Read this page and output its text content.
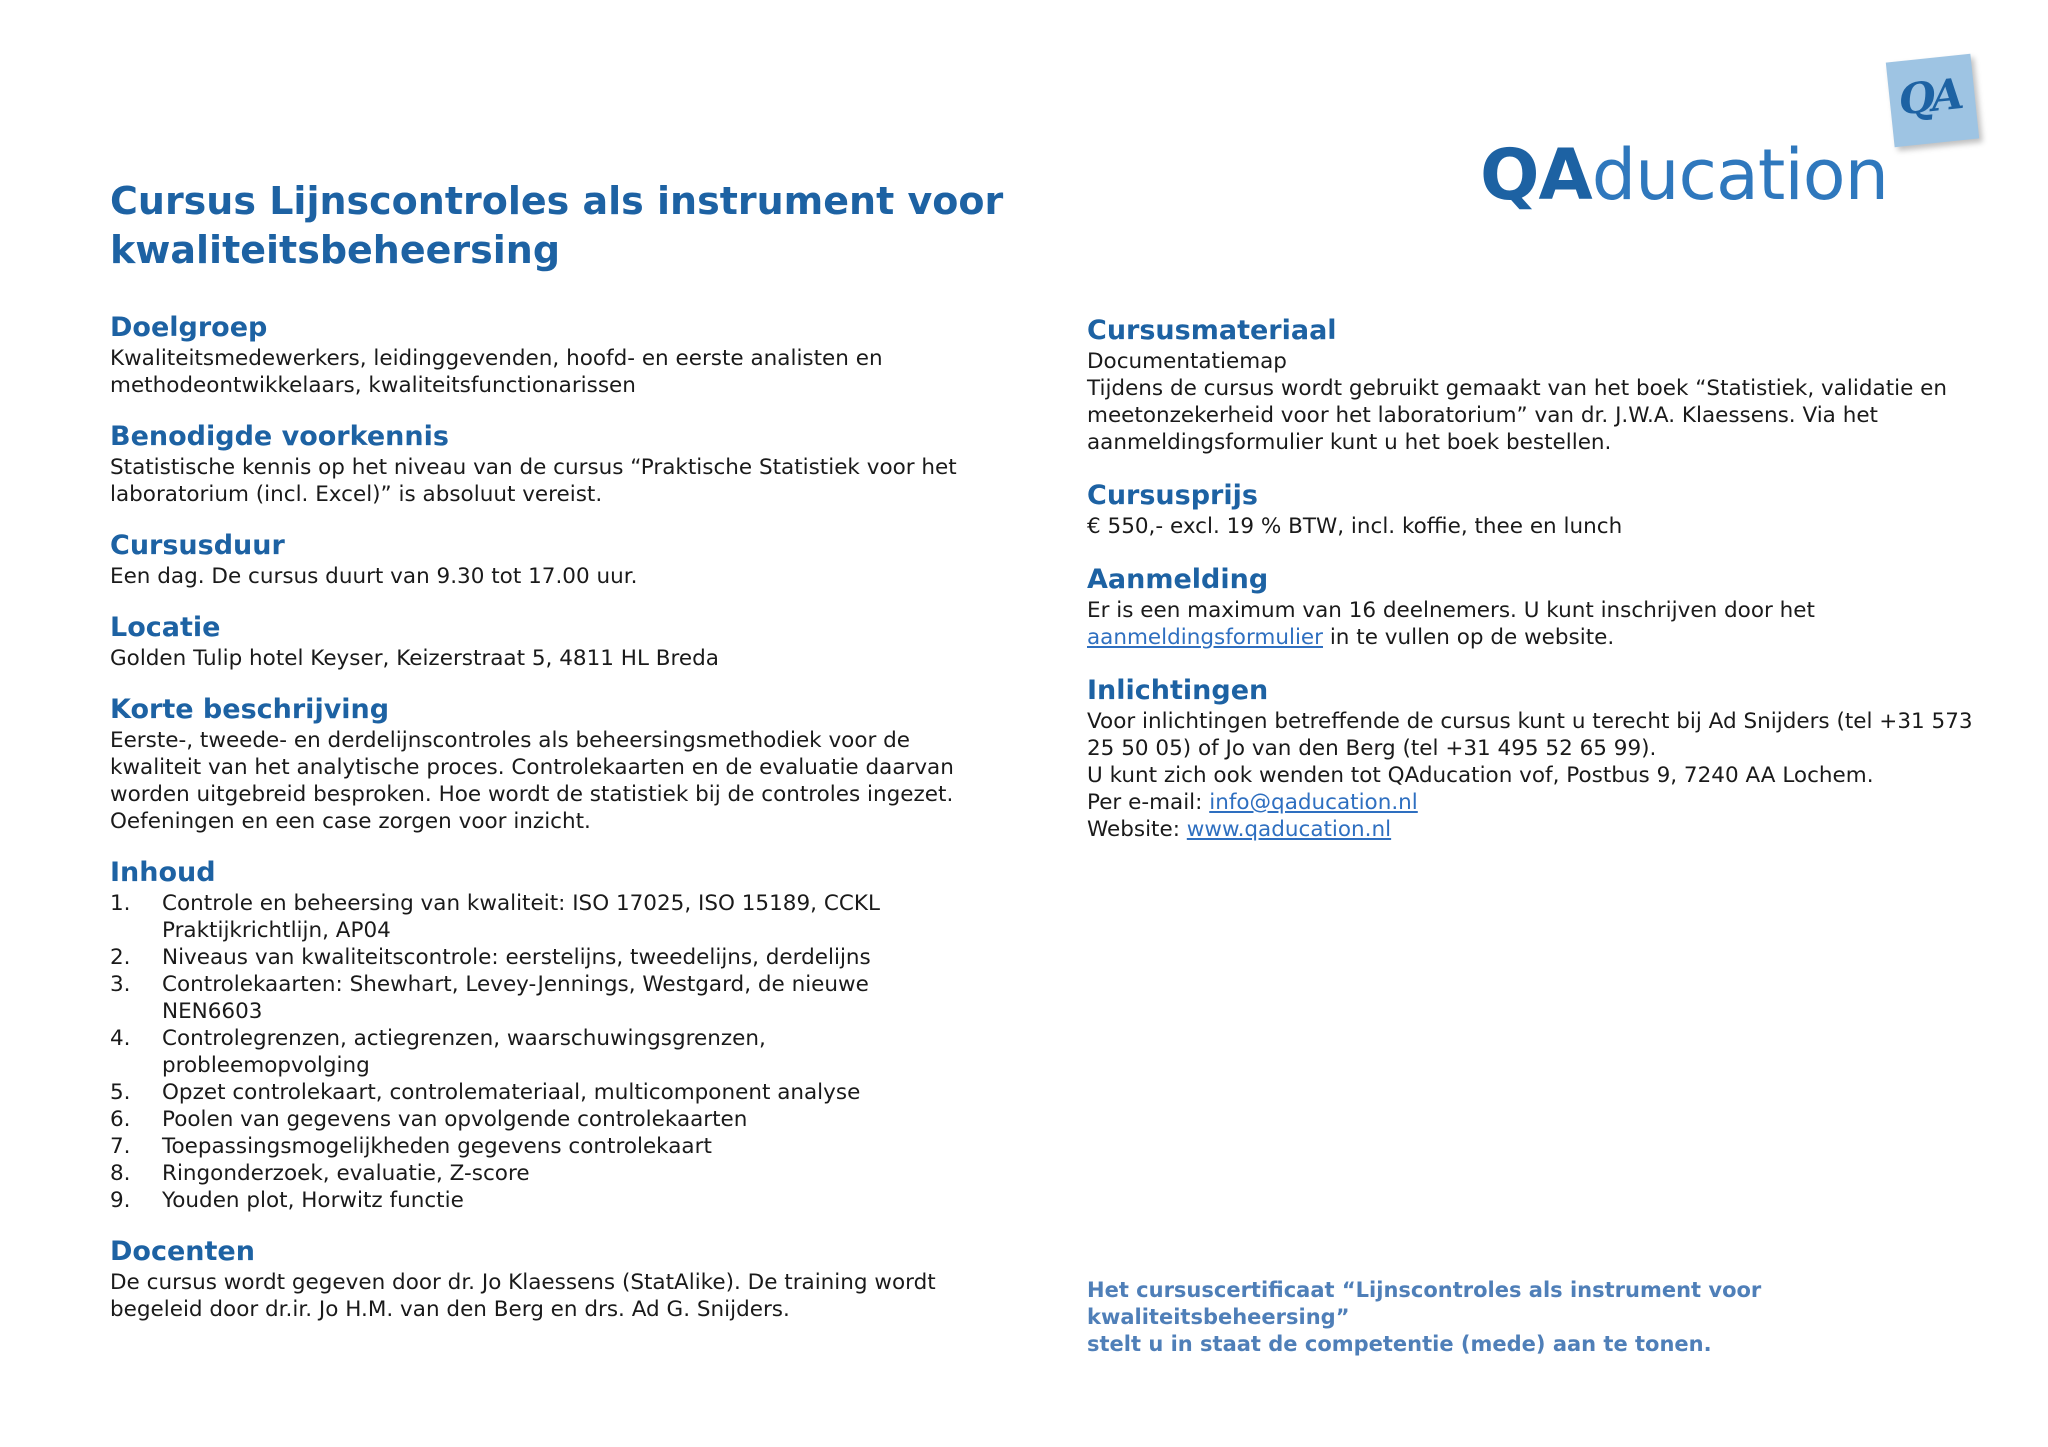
Cursus Lijnscontroles als instrument voor
kwaliteitsbeheersing
QA
QAducation
Doelgroep

Kwaliteitsmedewerkers, leidinggevenden, hoofd- en eerste analisten en
methodeontwikkelaars, kwaliteitsfunctionarissen

Benodigde voorkennis

Statistische kennis op het niveau van de cursus “Praktische Statistiek voor het
laboratorium (incl. Excel)” is absoluut vereist.

Cursusduur

Een dag. De cursus duurt van 9.30 tot 17.00 uur.

Locatie

Golden Tulip hotel Keyser, Keizerstraat 5, 4811 HL Breda

Korte beschrijving

Eerste-, tweede- en derdelijnscontroles als beheersingsmethodiek voor de
kwaliteit van het analytische proces. Controlekaarten en de evaluatie daarvan
worden uitgebreid besproken. Hoe wordt de statistiek bij de controles ingezet.
Oefeningen en een case zorgen voor inzicht.

Inhoud
1. Controle en beheersing van kwaliteit: ISO 17025, ISO 15189, CCKL
Praktijkrichtlijn, AP04
2. Niveaus van kwaliteitscontrole: eerstelijns, tweedelijns, derdelijns
3. Controlekaarten: Shewhart, Levey-Jennings, Westgard, de nieuwe
NEN6603
4. Controlegrenzen, actiegrenzen, waarschuwingsgrenzen,
probleemopvolging
5. Opzet controlekaart, controlemateriaal, multicomponent analyse
6. Poolen van gegevens van opvolgende controlekaarten
7. Toepassingsmogelijkheden gegevens controlekaart
8. Ringonderzoek, evaluatie, Z-score
9. Youden plot, Horwitz functie
Docenten

De cursus wordt gegeven door dr. Jo Klaessens (StatAlike). De training wordt
begeleid door dr.ir. Jo H.M. van den Berg en drs. Ad G. Snijders.

Cursusmateriaal

Documentatiemap
Tijdens de cursus wordt gebruikt gemaakt van het boek “Statistiek, validatie en
meetonzekerheid voor het laboratorium” van dr. J.W.A. Klaessens. Via het
aanmeldingsformulier kunt u het boek bestellen.

Cursusprijs

€ 550,- excl. 19 % BTW, incl. koffie, thee en lunch

Aanmelding

Er is een maximum van 16 deelnemers. U kunt inschrijven door het
aanmeldingsformulier in te vullen op de website.

Inlichtingen

Voor inlichtingen betreffende de cursus kunt u terecht bij Ad Snijders (tel +31 573
25 50 05) of Jo van den Berg (tel +31 495 52 65 99).
U kunt zich ook wenden tot QAducation vof, Postbus 9, 7240 AA Lochem.
Per e-mail: info@qaducation.nl
Website: www.qaducation.nl

Het cursuscertificaat “Lijnscontroles als instrument voor kwaliteitsbeheersing”
stelt u in staat de competentie (mede) aan te tonen.
